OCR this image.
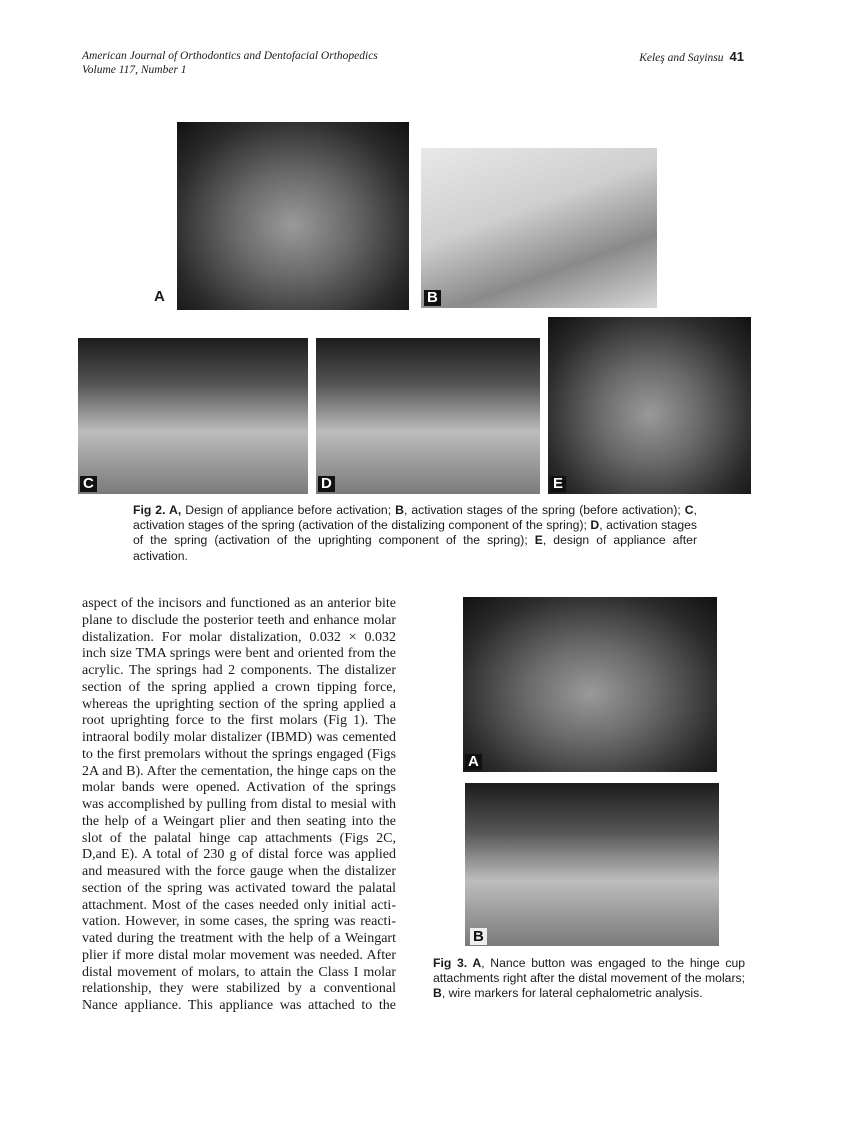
American Journal of Orthodontics and Dentofacial Orthopedics
Volume 117, Number 1
Keleş and Sayinsu 41
A	B
C	D	E
Fig 2. A, Design of appliance before activation; B, activation stages of the spring (before activation); C, activation stages of the spring (activation of the distalizing component of the spring); D, activation stages of the spring (activation of the uprighting component of the spring); E, design of appliance after activation.
aspect of the incisors and functioned as an anterior bite
plane to disclude the posterior teeth and enhance molar
distalization. For molar distalization, 0.032 × 0.032
inch size TMA springs were bent and oriented from the
acrylic. The springs had 2 components. The distalizer
section of the spring applied a crown tipping force,
whereas the uprighting section of the spring applied a
root uprighting force to the first molars (Fig 1). The
intraoral bodily molar distalizer (IBMD) was cemented
to the first premolars without the springs engaged (Figs
2A and B). After the cementation, the hinge caps on the
molar bands were opened. Activation of the springs
was accomplished by pulling from distal to mesial with
the help of a Weingart plier and then seating into the
slot of the palatal hinge cap attachments (Figs 2C,
D,and E). A total of 230 g of distal force was applied
and measured with the force gauge when the distalizer
section of the spring was activated toward the palatal
attachment. Most of the cases needed only initial acti-
vation. However, in some cases, the spring was reacti-
vated during the treatment with the help of a Weingart
plier if more distal molar movement was needed. After
distal movement of molars, to attain the Class I molar
relationship, they were stabilized by a conventional
Nance appliance. This appliance was attached to the
A
B
Fig 3. A, Nance button was engaged to the hinge cup attachments right after the distal movement of the molars; B, wire markers for lateral cephalometric analysis.
